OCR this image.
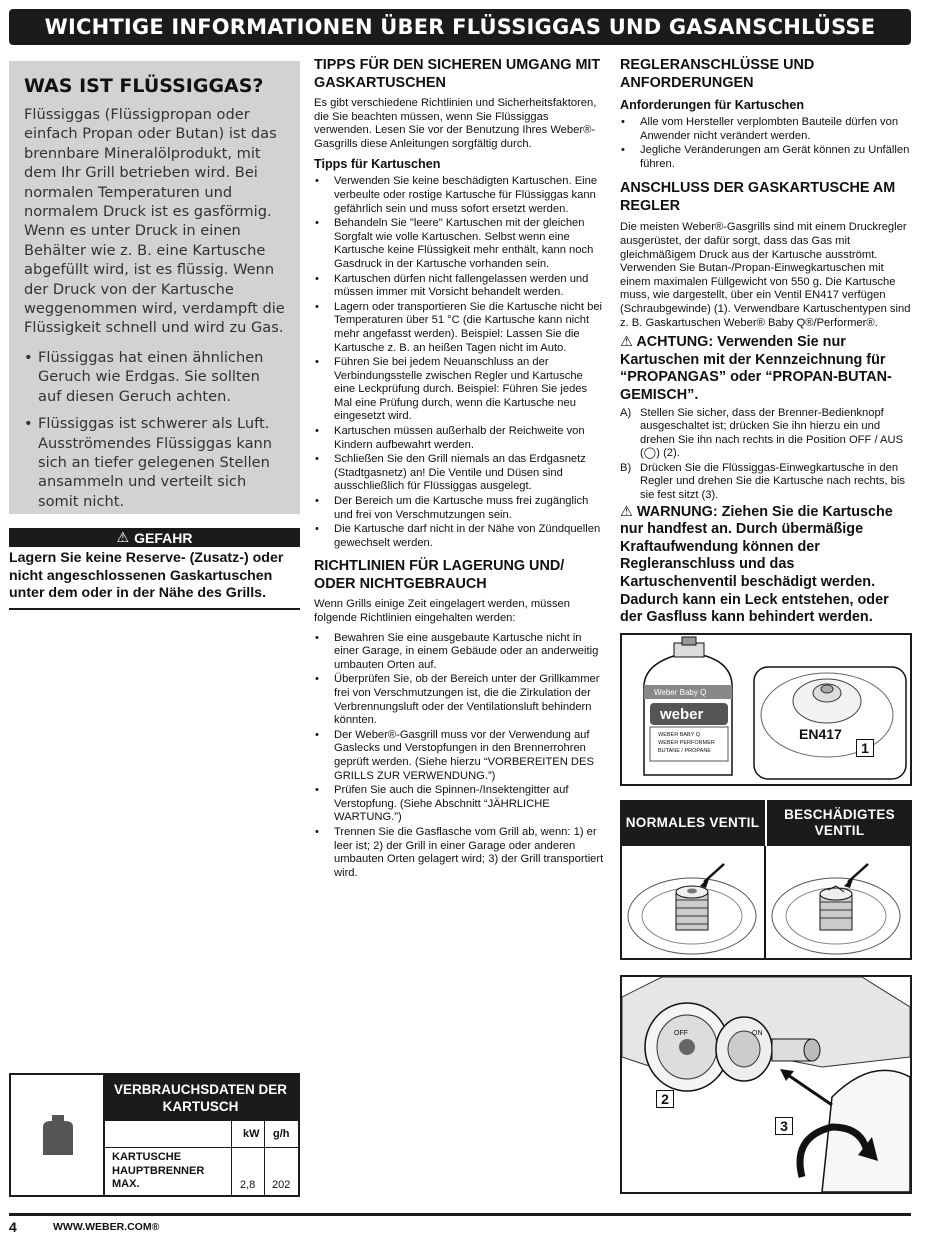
WICHTIGE INFORMATIONEN ÜBER FLÜSSIGGAS UND GASANSCHLÜSSE
WAS IST FLÜSSIGGAS?

Flüssiggas (Flüssigpropan oder einfach Propan oder Butan) ist das brennbare Mineralölprodukt, mit dem Ihr Grill betrieben wird. Bei normalen Temperaturen und normalem Druck ist es gasförmig. Wenn es unter Druck in einen Behälter wie z. B. eine Kartusche abgefüllt wird, ist es flüssig. Wenn der Druck von der Kartusche weggenommen wird, verdampft die Flüssigkeit schnell und wird zu Gas.

• Flüssiggas hat einen ähnlichen Geruch wie Erdgas. Sie sollten auf diesen Geruch achten.
• Flüssiggas ist schwerer als Luft. Ausströmendes Flüssiggas kann sich an tiefer gelegenen Stellen ansammeln und verteilt sich somit nicht.
⚠ GEFAHR
Lagern Sie keine Reserve- (Zusatz-) oder nicht angeschlossenen Gaskartuschen unter dem oder in der Nähe des Grills.
TIPPS FÜR DEN SICHEREN UMGANG MIT GASKARTUSCHEN

Es gibt verschiedene Richtlinien und Sicherheitsfaktoren, die Sie beachten müssen, wenn Sie Flüssiggas verwenden. Lesen Sie vor der Benutzung Ihres Weber®-Gasgrills diese Anleitungen sorgfältig durch.

Tipps für Kartuschen
• Verwenden Sie keine beschädigten Kartuschen. Eine verbeulte oder rostige Kartusche für Flüssiggas kann gefährlich sein und muss sofort ersetzt werden.
• Behandeln Sie "leere" Kartuschen mit der gleichen Sorgfalt wie volle Kartuschen. Selbst wenn eine Kartusche keine Flüssigkeit mehr enthält, kann noch Gasdruck in der Kartusche vorhanden sein.
• Kartuschen dürfen nicht fallengelassen werden und müssen immer mit Vorsicht behandelt werden.
• Lagern oder transportieren Sie die Kartusche nicht bei Temperaturen über 51 °C (die Kartusche kann nicht mehr angefasst werden). Beispiel: Lassen Sie die Kartusche z. B. an heißen Tagen nicht im Auto.
• Führen Sie bei jedem Neuanschluss an der Verbindungsstelle zwischen Regler und Kartusche eine Leckprüfung durch. Beispiel: Führen Sie jedes Mal eine Prüfung durch, wenn die Kartusche neu eingesetzt wird.
• Kartuschen müssen außerhalb der Reichweite von Kindern aufbewahrt werden.
• Schließen Sie den Grill niemals an das Erdgasnetz (Stadtgasnetz) an! Die Ventile und Düsen sind ausschließlich für Flüssiggas ausgelegt.
• Der Bereich um die Kartusche muss frei zugänglich und frei von Verschmutzungen sein.
• Die Kartusche darf nicht in der Nähe von Zündquellen gewechselt werden.
RICHTLINIEN FÜR LAGERUNG UND/ ODER NICHTGEBRAUCH

Wenn Grills einige Zeit eingelagert werden, müssen folgende Richtlinien eingehalten werden:

• Bewahren Sie eine ausgebaute Kartusche nicht in einer Garage, in einem Gebäude oder an anderweitig umbauten Orten auf.
• Überprüfen Sie, ob der Bereich unter der Grillkammer frei von Verschmutzungen ist, die die Zirkulation der Verbrennungsluft oder der Ventilationsluft behindern könnten.
• Der Weber®-Gasgrill muss vor der Verwendung auf Gaslecks und Verstopfungen in den Brennerrohren geprüft werden. (Siehe hierzu “VORBEREITEN DES GRILLS ZUR VERWENDUNG.”)
• Prüfen Sie auch die Spinnen-/Insektengitter auf Verstopfung. (Siehe Abschnitt “JÄHRLICHE WARTUNG.”)
• Trennen Sie die Gasflasche vom Grill ab, wenn: 1) er leer ist; 2) der Grill in einer Garage oder anderen umbauten Orten gelagert wird; 3) der Grill transportiert wird.
REGLERANSCHLÜSSE UND ANFORDERUNGEN
Anforderungen für Kartuschen
• Alle vom Hersteller verplombten Bauteile dürfen von Anwender nicht verändert werden.
• Jegliche Veränderungen am Gerät können zu Unfällen führen.
ANSCHLUSS DER GASKARTUSCHE AM REGLER

Die meisten Weber®-Gasgrills sind mit einem Druckregler ausgerüstet, der dafür sorgt, dass das Gas mit gleichmäßigem Druck aus der Kartusche ausströmt. Verwenden Sie Butan-/Propan-Einwegkartuschen mit einem maximalen Füllgewicht von 550 g. Die Kartusche muss, wie dargestellt, über ein Ventil EN417 verfügen (Schraubgewinde) (1). Verwendbare Kartuschentypen sind z. B. Gaskartuschen Weber® Baby Q®/Performer®.

⚠ ACHTUNG: Verwenden Sie nur Kartuschen mit der Kennzeichnung für “PROPANGAS” oder “PROPAN-BUTAN-GEMISCH”.
A) Stellen Sie sicher, dass der Brenner-Bedienknopf ausgeschaltet ist; drücken Sie ihn hierzu ein und drehen Sie ihn nach rechts in die Position OFF / AUS (◯) (2).
B) Drücken Sie die Flüssiggas-Einwegkartusche in den Regler und drehen Sie die Kartusche nach rechts, bis sie fest sitzt (3).
⚠ WARNUNG: Ziehen Sie die Kartusche nur handfest an. Durch übermäßige Kraftaufwendung können der Regleranschluss und das Kartuschenventil beschädigt werden. Dadurch kann ein Leck entstehen, oder der Gasfluss kann behindert werden.
Weber Baby Q
weber
WEBER BABY Q
WEBER PERFORMER
BUTANE / PROPANE
EN417
1
NORMALES VENTIL
BESCHÄDIGTES VENTIL
OFF	ON
2
3
VERBRAUCHSDATEN DER KARTUSCH
kW g/h
KARTUSCHE HAUPTBRENNER MAX.	2,8 202
4	WWW.WEBER.COM®
